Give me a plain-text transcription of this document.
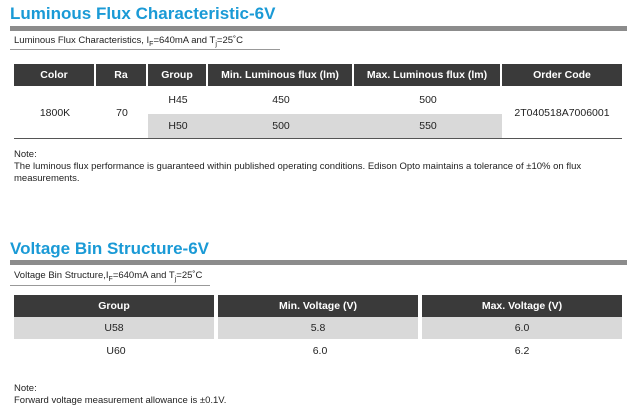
Luminous Flux Characteristic-6V
Luminous Flux Characteristics, $I_F=640mA$ and $T_j=25˚C$
Color	Ra	Group	Min. Luminous flux (lm)	Max. Luminous flux (lm)	Order Code
1800K	70	H45	450	500	2T040518A7006001
		H50	500	550	
Note:
The luminous flux performance is guaranteed within published operating conditions. Edison Opto maintains a tolerance of ±10% on flux measurements.
Voltage Bin Structure-6V
Voltage Bin $Structure,I_F=640mA$ and $T_j=25˚C$
Group	Min. Voltage (V)	Max. Voltage (V)
U58	5.8	6.0
U60	6.0	6.2
Note:
Forward voltage measurement allowance is ±0.1V.
